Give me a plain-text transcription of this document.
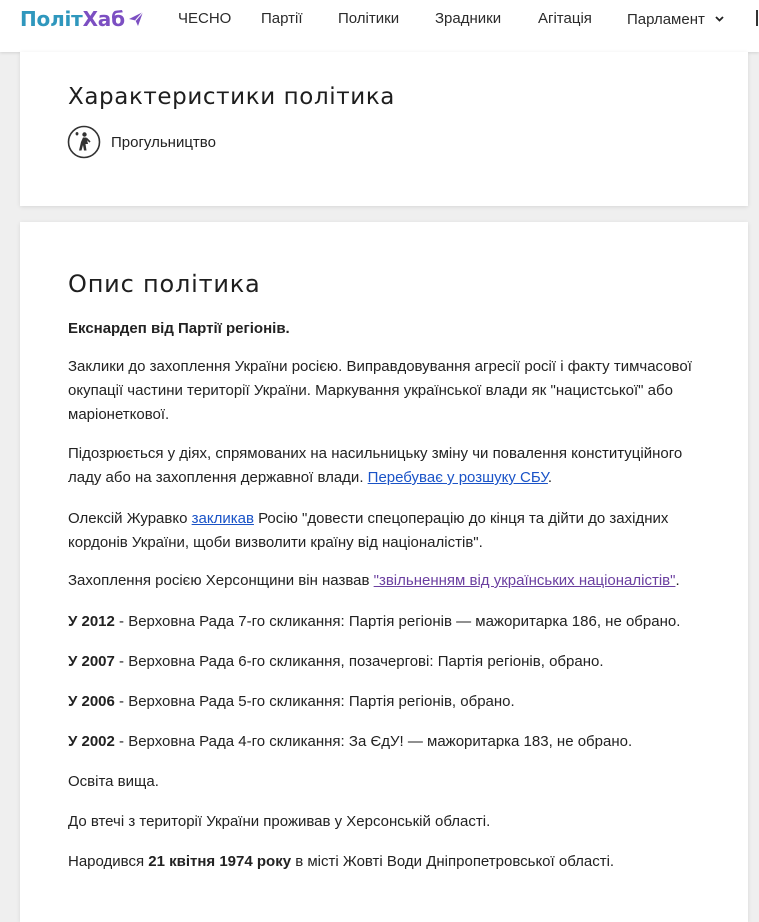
Політ Хаб	ЧЕСНО Партії Політики Зрадники Агітація Парламент
Характеристики політика
Прогульництво
Опис політика

Екснардеп від Партії регіонів.

Заклики до захоплення України росією. Виправдовування агресії росії і факту тимчасової окупації частини території України. Маркування української влади як "нацистської" або маріонеткової.

Підозрюється у діях, спрямованих на насильницьку зміну чи повалення конституційного ладу або на захоплення державної влади. Перебуває у розшуку СБУ.

Олексій Журавко закликав Росію "довести спецоперацію до кінця та дійти до західних кордонів України, щоби визволити країну від націоналістів".

Захоплення росією Херсонщини він назвав "звільненням від українських націоналістів".

У 2012 - Верховна Рада 7-го скликання: Партія регіонів — мажоритарка 186, не обрано.

У 2007 - Верховна Рада 6-го скликання, позачергові: Партія регіонів, обрано.

У 2006 - Верховна Рада 5-го скликання: Партія регіонів, обрано.

У 2002 - Верховна Рада 4-го скликання: За ЄдУ! — мажоритарка 183, не обрано.

Освіта вища.

До втечі з території України проживав у Херсонській області.

Народився 21 квітня 1974 року в місті Жовті Води Дніпропетровської області.
